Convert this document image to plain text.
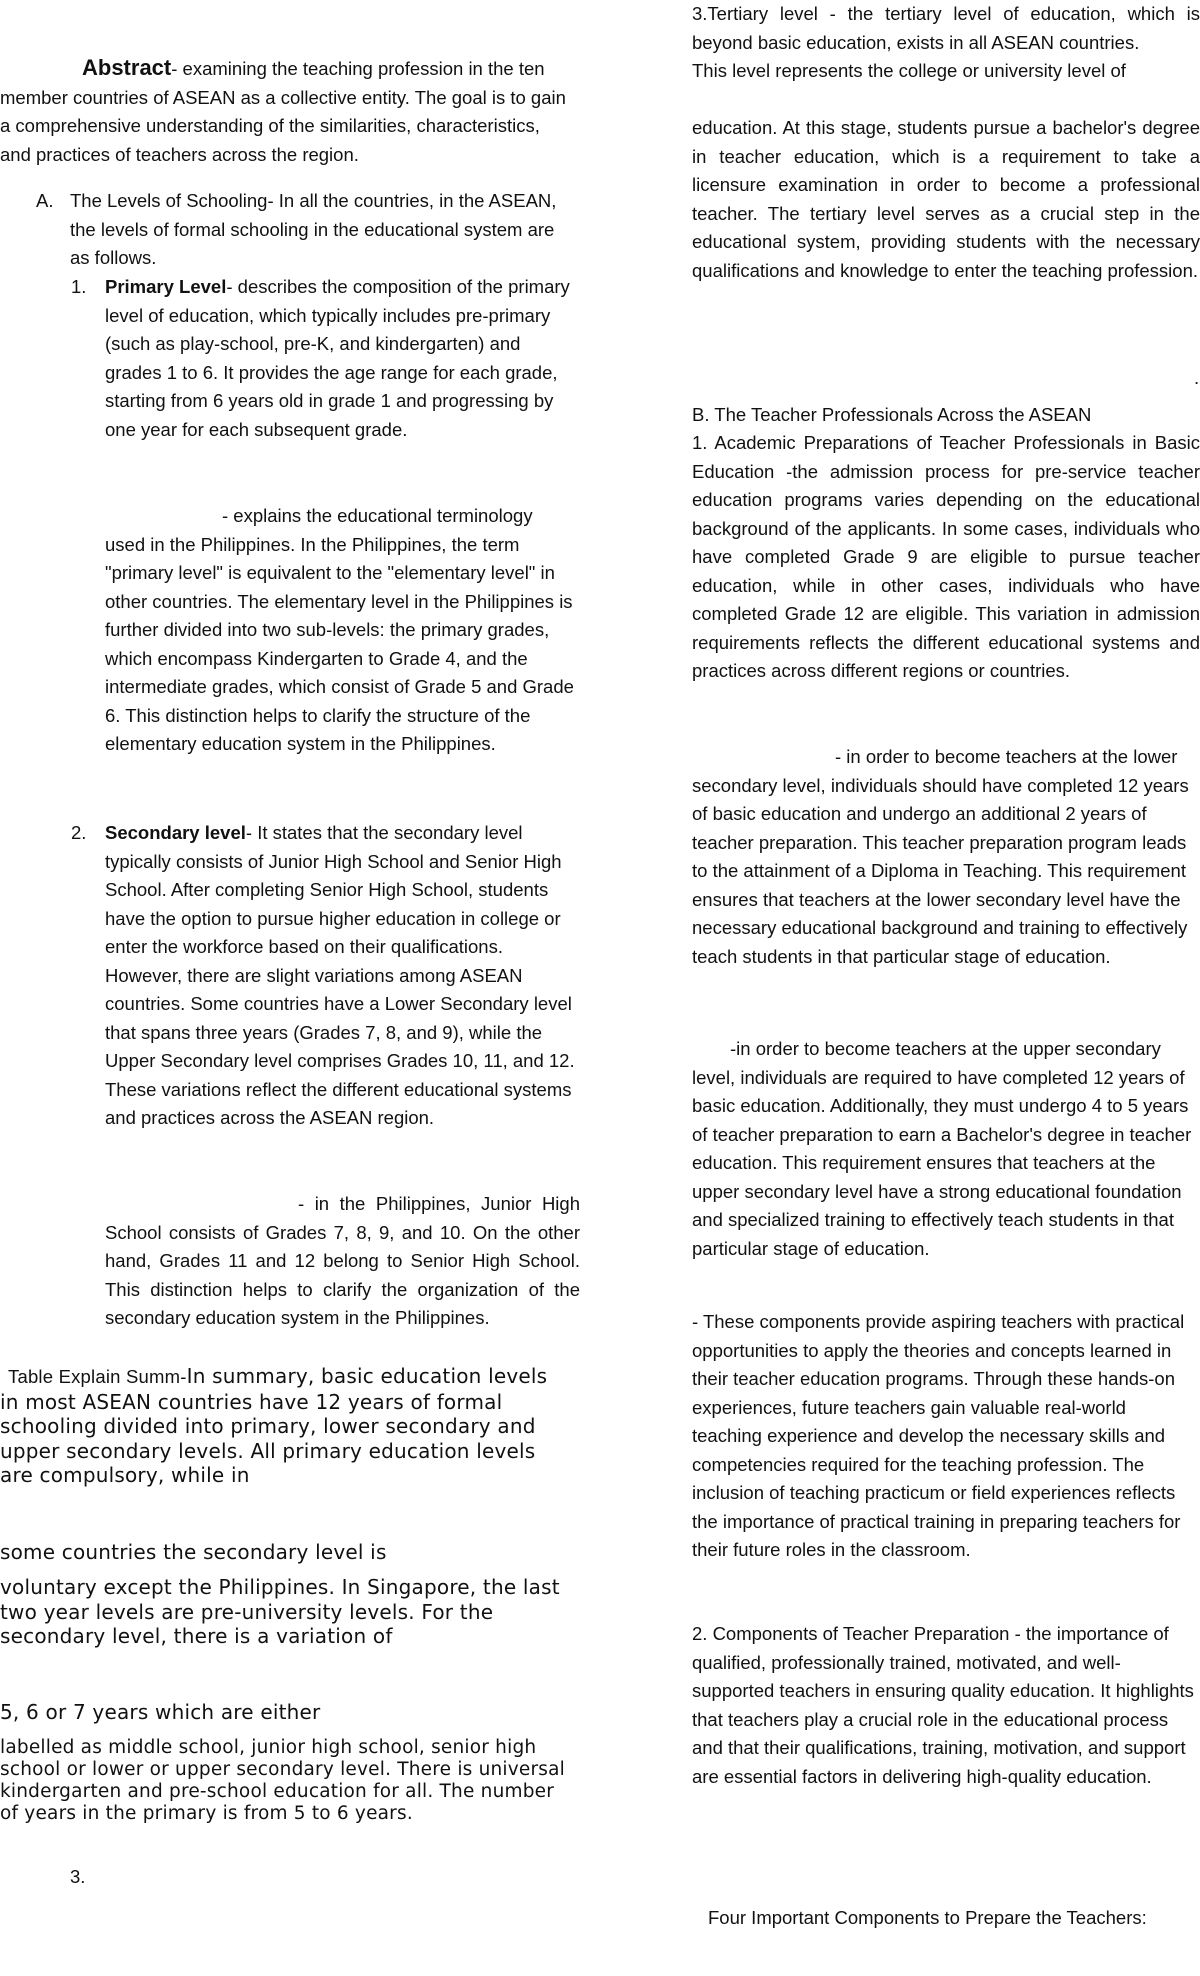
Abstract- examining the teaching profession in the ten member countries of ASEAN as a collective entity. The goal is to gain a comprehensive understanding of the similarities, characteristics, and practices of teachers across the region.

A. The Levels of Schooling- In all the countries, in the ASEAN, the levels of formal schooling in the educational system are as follows.

1. Primary Level- describes the composition of the primary level of education, which typically includes pre-primary (such as play-school, pre-K, and kindergarten) and grades 1 to 6. It provides the age range for each grade, starting from 6 years old in grade 1 and progressing by one year for each subsequent grade.

- explains the educational terminology used in the Philippines. In the Philippines, the term "primary level" is equivalent to the "elementary level" in other countries. The elementary level in the Philippines is further divided into two sub-levels: the primary grades, which encompass Kindergarten to Grade 4, and the intermediate grades, which consist of Grade 5 and Grade 6. This distinction helps to clarify the structure of the elementary education system in the Philippines.

2. Secondary level- It states that the secondary level typically consists of Junior High School and Senior High School. After completing Senior High School, students have the option to pursue higher education in college or enter the workforce based on their qualifications. However, there are slight variations among ASEAN countries. Some countries have a Lower Secondary level that spans three years (Grades 7, 8, and 9), while the Upper Secondary level comprises Grades 10, 11, and 12. These variations reflect the different educational systems and practices across the ASEAN region.

- in the Philippines, Junior High School consists of Grades 7, 8, 9, and 10. On the other hand, Grades 11 and 12 belong to Senior High School. This distinction helps to clarify the organization of the secondary education system in the Philippines.

Table Explain Summ-In summary, basic education levels in most ASEAN countries have 12 years of formal schooling divided into primary, lower secondary and upper secondary levels. All primary education levels are compulsory, while in

some countries the secondary level is

voluntary except the Philippines. In Singapore, the last two year levels are pre-university levels. For the secondary level, there is a variation of

5, 6 or 7 years which are either

labelled as middle school, junior high school, senior high school or lower or upper secondary level. There is universal kindergarten and pre-school education for all. The number of years in the primary is from 5 to 6 years.

3.

3.Tertiary level - the tertiary level of education, which is beyond basic education, exists in all ASEAN countries.

This level represents the college or university level of

education. At this stage, students pursue a bachelor's degree in teacher education, which is a requirement to take a licensure examination in order to become a professional teacher. The tertiary level serves as a crucial step in the educational system, providing students with the necessary qualifications and knowledge to enter the teaching profession.

.

B. The Teacher Professionals Across the ASEAN

1. Academic Preparations of Teacher Professionals in Basic Education -the admission process for pre-service teacher education programs varies depending on the educational background of the applicants. In some cases, individuals who have completed Grade 9 are eligible to pursue teacher education, while in other cases, individuals who have completed Grade 12 are eligible. This variation in admission requirements reflects the different educational systems and practices across different regions or countries.

- in order to become teachers at the lower secondary level, individuals should have completed 12 years of basic education and undergo an additional 2 years of teacher preparation. This teacher preparation program leads to the attainment of a Diploma in Teaching. This requirement ensures that teachers at the lower secondary level have the necessary educational background and training to effectively teach students in that particular stage of education.

-in order to become teachers at the upper secondary level, individuals are required to have completed 12 years of basic education. Additionally, they must undergo 4 to 5 years of teacher preparation to earn a Bachelor's degree in teacher education. This requirement ensures that teachers at the upper secondary level have a strong educational foundation and specialized training to effectively teach students in that particular stage of education.

- These components provide aspiring teachers with practical opportunities to apply the theories and concepts learned in their teacher education programs. Through these hands-on experiences, future teachers gain valuable real-world teaching experience and develop the necessary skills and competencies required for the teaching profession. The inclusion of teaching practicum or field experiences reflects the importance of practical training in preparing teachers for their future roles in the classroom.

2. Components of Teacher Preparation - the importance of qualified, professionally trained, motivated, and well-supported teachers in ensuring quality education. It highlights that teachers play a crucial role in the educational process and that their qualifications, training, motivation, and support are essential factors in delivering high-quality education.

Four Important Components to Prepare the Teachers:
